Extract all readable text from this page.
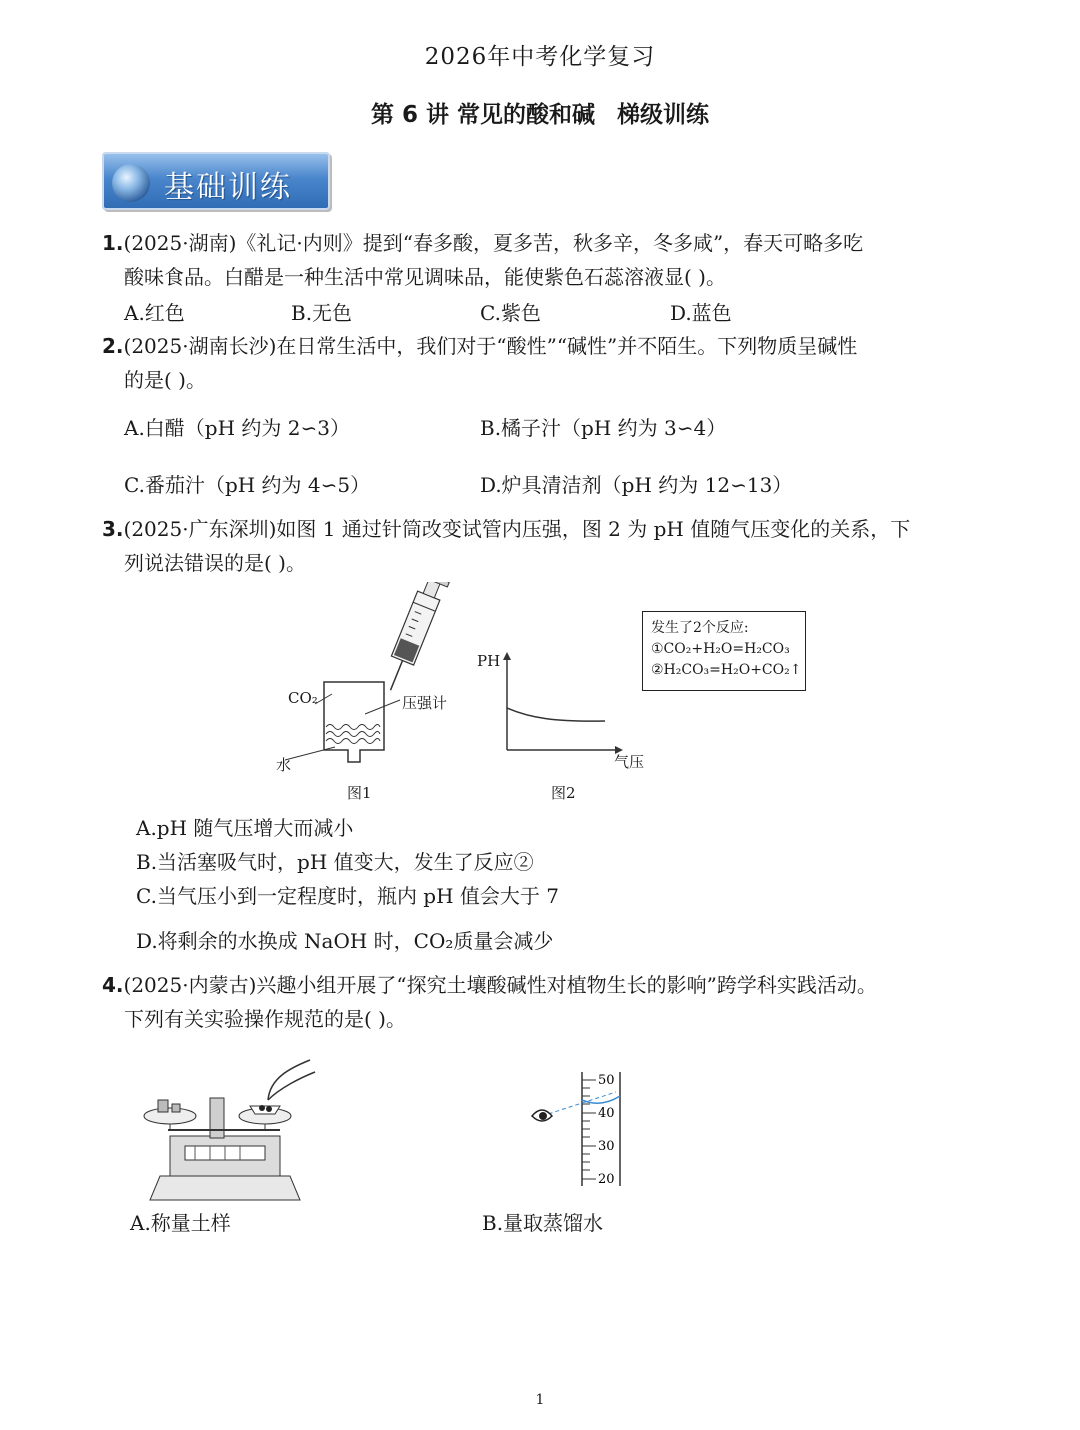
2026年中考化学复习
第 6 讲 常见的酸和碱 梯级训练
基础训练
1.(2025·湖南)《礼记·内则》提到“春多酸，夏多苦，秋多辛，冬多咸”，春天可略多吃
酸味食品。白醋是一种生活中常见调味品，能使紫色石蕊溶液显( )。
A.红色	B.无色	C.紫色	D.蓝色
2.(2025·湖南长沙)在日常生活中，我们对于“酸性”“碱性”并不陌生。下列物质呈碱性
的是( )。
A.白醋（pH 约为 2∽3）	B.橘子汁（pH 约为 3∽4）
C.番茄汁（pH 约为 4∽5）	D.炉具清洁剂（pH 约为 12∽13）
3.(2025·广东深圳)如图 1 通过针筒改变试管内压强，图 2 为 pH 值随气压变化的关系，下
列说法错误的是( )。
CO₂	压强计
水
图1
PH
气压
图2
发生了2个反应:
①CO₂+H₂O=H₂CO₃
②H₂CO₃=H₂O+CO₂↑
A.pH 随气压增大而减小
B.当活塞吸气时，pH 值变大，发生了反应②
C.当气压小到一定程度时，瓶内 pH 值会大于 7
D.将剩余的水换成 NaOH 时，CO₂质量会减少
4.(2025·内蒙古)兴趣小组开展了“探究土壤酸碱性对植物生长的影响”跨学科实践活动。
下列有关实验操作规范的是( )。
A.称量土样
50
40
30
20
B.量取蒸馏水
1
